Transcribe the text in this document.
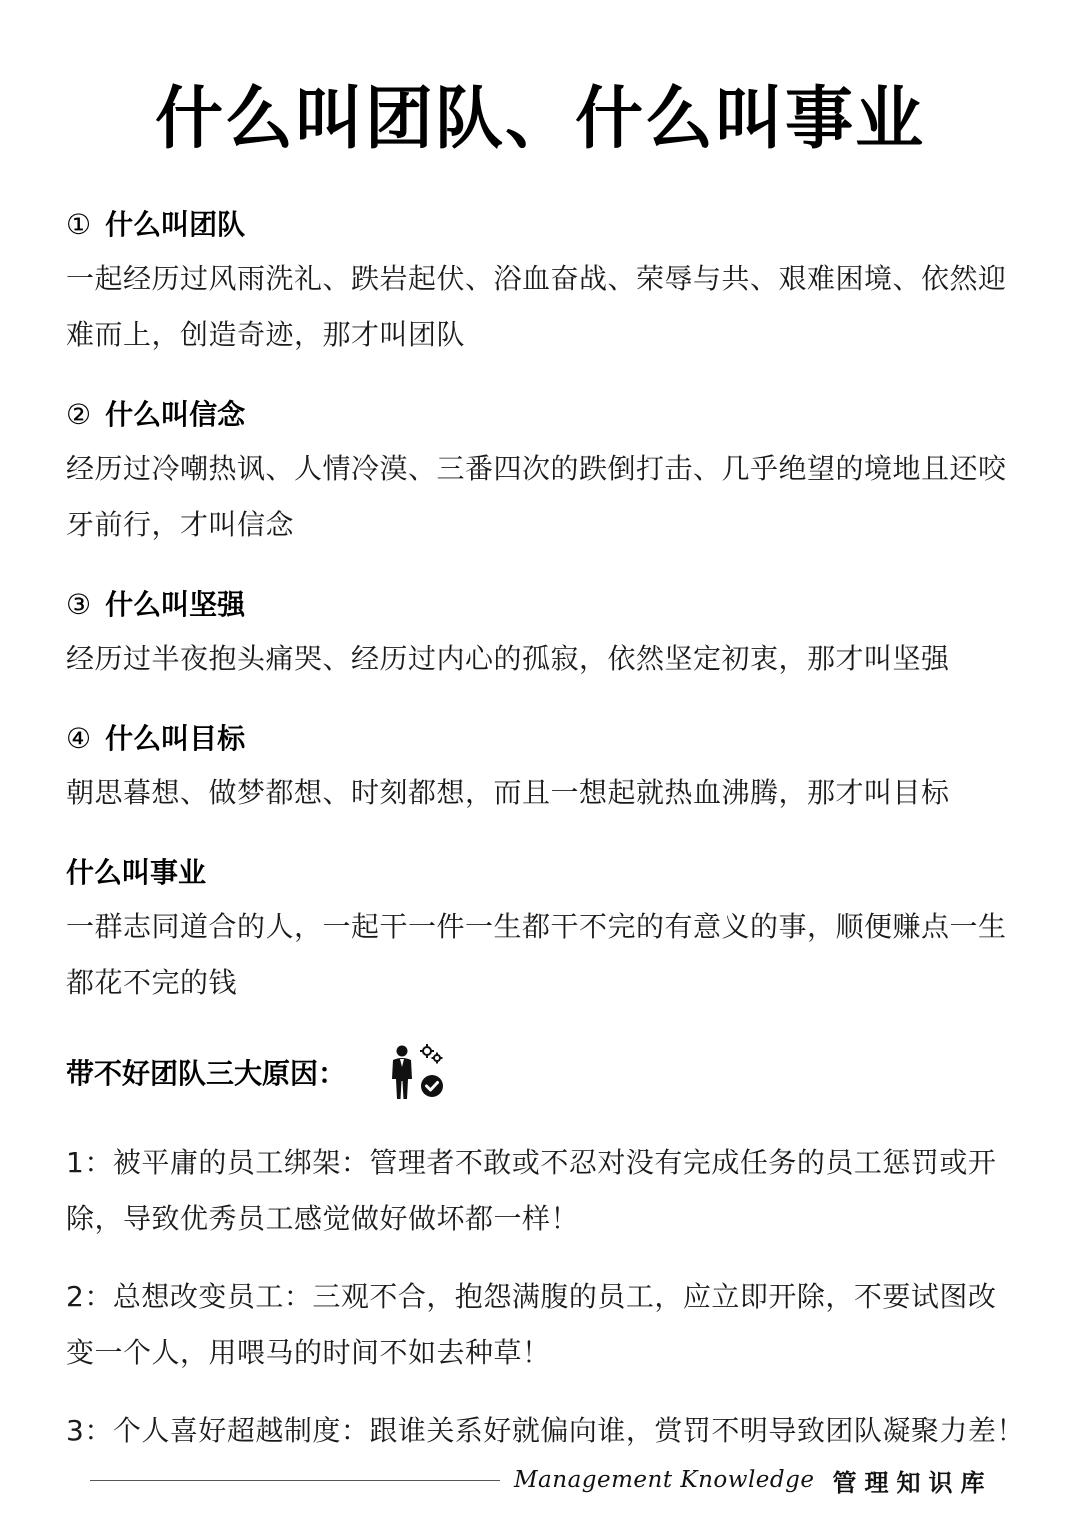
什么叫团队、什么叫事业
① 什么叫团队
一起经历过风雨洗礼、跌岩起伏、浴血奋战、荣辱与共、艰难困境、依然迎
难而上，创造奇迹，那才叫团队
② 什么叫信念
经历过冷嘲热讽、人情冷漠、三番四次的跌倒打击、几乎绝望的境地且还咬
牙前行，才叫信念
③ 什么叫坚强
经历过半夜抱头痛哭、经历过内心的孤寂，依然坚定初衷，那才叫坚强
④ 什么叫目标
朝思暮想、做梦都想、时刻都想，而且一想起就热血沸腾，那才叫目标
什么叫事业
一群志同道合的人，一起干一件一生都干不完的有意义的事，顺便赚点一生
都花不完的钱
带不好团队三大原因：
1：被平庸的员工绑架：管理者不敢或不忍对没有完成任务的员工惩罚或开
除，导致优秀员工感觉做好做坏都一样！
2：总想改变员工：三观不合，抱怨满腹的员工，应立即开除，不要试图改
变一个人，用喂马的时间不如去种草！
3：个人喜好超越制度：跟谁关系好就偏向谁，赏罚不明导致团队凝聚力差！
Management Knowledge 管理知识库
